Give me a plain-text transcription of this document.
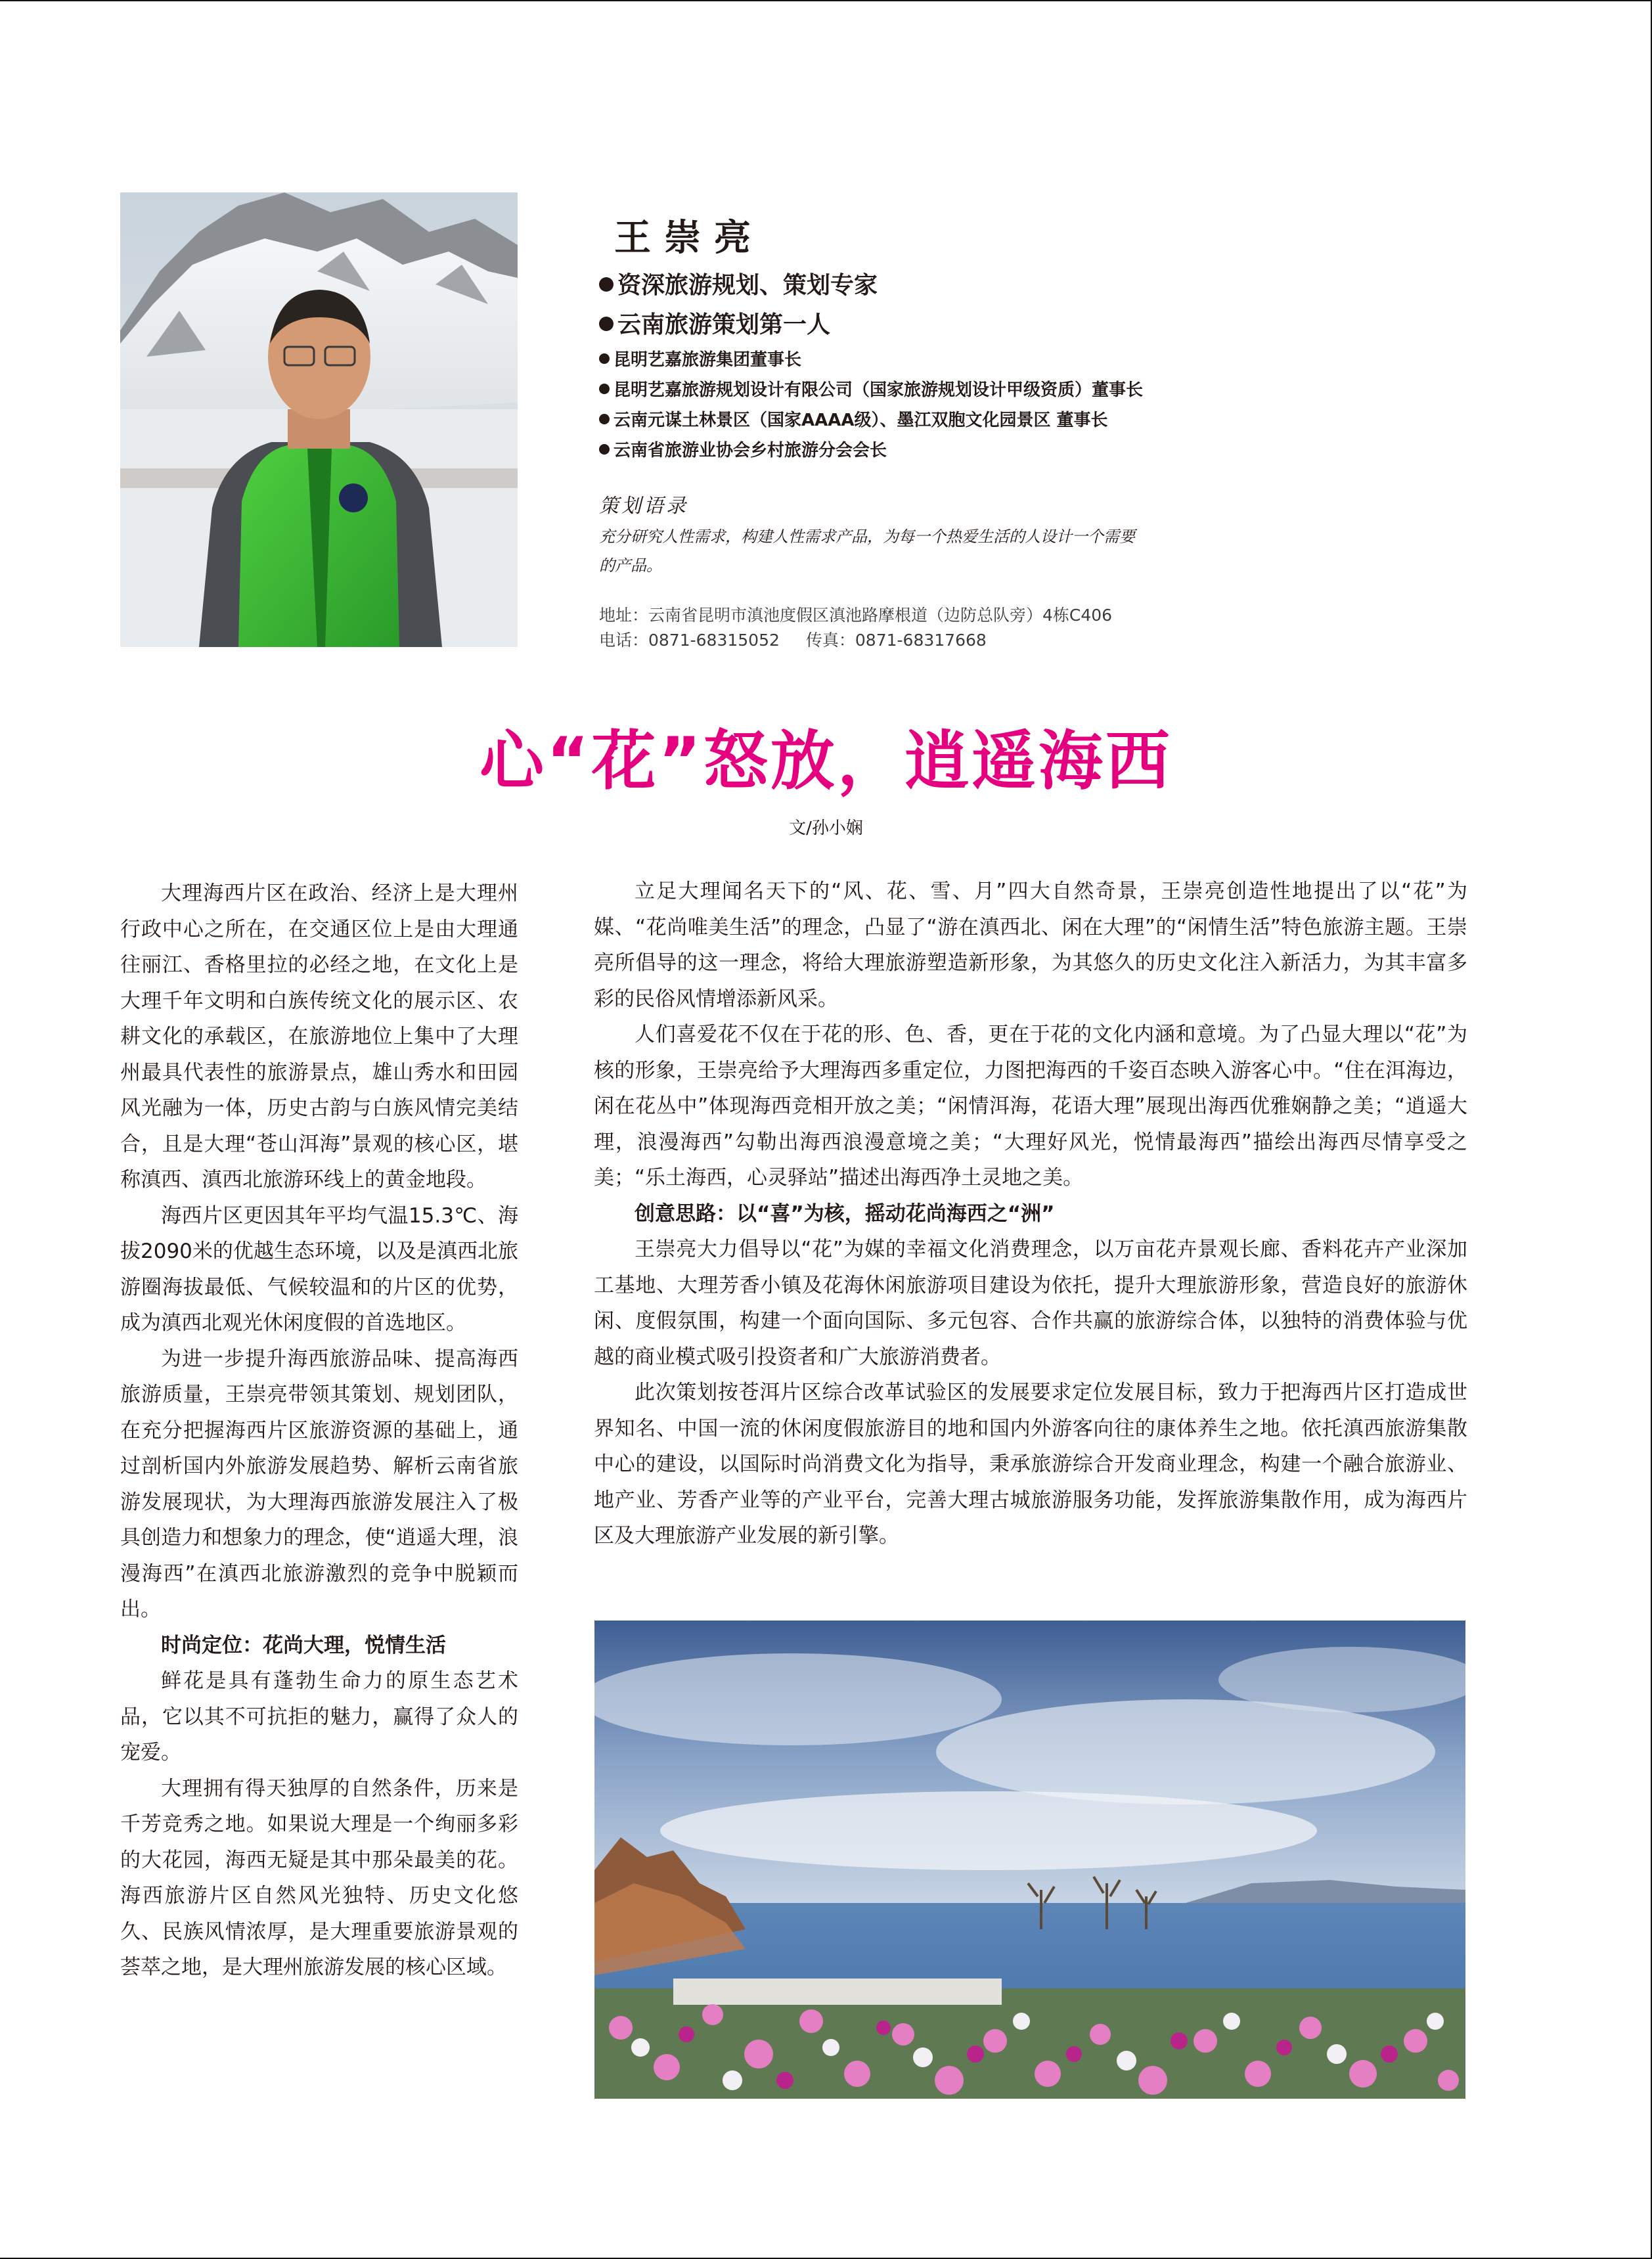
王崇亮
资深旅游规划、策划专家
云南旅游策划第一人
昆明艺嘉旅游集团董事长
昆明艺嘉旅游规划设计有限公司（国家旅游规划设计甲级资质）董事长
云南元谋土林景区（国家AAAA级）、墨江双胞文化园景区 董事长
云南省旅游业协会乡村旅游分会会长
策划语录
充分研究人性需求，构建人性需求产品，为每一个热爱生活的人设计一个需要的产品。
地址：云南省昆明市滇池度假区滇池路摩根道（边防总队旁）4栋C406
电话：0871-68315052 传真：0871-68317668
心“花”怒放，逍遥海西
文/孙小娴

大理海西片区在政治、经济上是大理州行政中心之所在，在交通区位上是由大理通往丽江、香格里拉的必经之地，在文化上是大理千年文明和白族传统文化的展示区、农耕文化的承载区，在旅游地位上集中了大理州最具代表性的旅游景点，雄山秀水和田园风光融为一体，历史古韵与白族风情完美结合，且是大理“苍山洱海”景观的核心区，堪称滇西、滇西北旅游环线上的黄金地段。

海西片区更因其年平均气温15.3℃、海拔2090米的优越生态环境，以及是滇西北旅游圈海拔最低、气候较温和的片区的优势，成为滇西北观光休闲度假的首选地区。

为进一步提升海西旅游品味、提高海西旅游质量，王崇亮带领其策划、规划团队，在充分把握海西片区旅游资源的基础上，通过剖析国内外旅游发展趋势、解析云南省旅游发展现状，为大理海西旅游发展注入了极具创造力和想象力的理念，使“逍遥大理，浪漫海西”在滇西北旅游激烈的竞争中脱颖而出。

时尚定位：花尚大理，悦情生活

鲜花是具有蓬勃生命力的原生态艺术品，它以其不可抗拒的魅力，赢得了众人的宠爱。

大理拥有得天独厚的自然条件，历来是千芳竞秀之地。如果说大理是一个绚丽多彩的大花园，海西无疑是其中那朵最美的花。海西旅游片区自然风光独特、历史文化悠久、民族风情浓厚，是大理重要旅游景观的荟萃之地，是大理州旅游发展的核心区域。

立足大理闻名天下的“风、花、雪、月”四大自然奇景，王崇亮创造性地提出了以“花”为媒、“花尚唯美生活”的理念，凸显了“游在滇西北、闲在大理”的“闲情生活”特色旅游主题。王崇亮所倡导的这一理念，将给大理旅游塑造新形象，为其悠久的历史文化注入新活力，为其丰富多彩的民俗风情增添新风采。

人们喜爱花不仅在于花的形、色、香，更在于花的文化内涵和意境。为了凸显大理以“花”为核的形象，王崇亮给予大理海西多重定位，力图把海西的千姿百态映入游客心中。“住在洱海边，闲在花丛中”体现海西竞相开放之美；“闲情洱海，花语大理”展现出海西优雅娴静之美；“逍遥大理，浪漫海西”勾勒出海西浪漫意境之美；“大理好风光，悦情最海西”描绘出海西尽情享受之美；“乐土海西，心灵驿站”描述出海西净土灵地之美。

创意思路：以“喜”为核，摇动花尚海西之“洲”

王崇亮大力倡导以“花”为媒的幸福文化消费理念，以万亩花卉景观长廊、香料花卉产业深加工基地、大理芳香小镇及花海休闲旅游项目建设为依托，提升大理旅游形象，营造良好的旅游休闲、度假氛围，构建一个面向国际、多元包容、合作共赢的旅游综合体，以独特的消费体验与优越的商业模式吸引投资者和广大旅游消费者。

此次策划按苍洱片区综合改革试验区的发展要求定位发展目标，致力于把海西片区打造成世界知名、中国一流的休闲度假旅游目的地和国内外游客向往的康体养生之地。依托滇西旅游集散中心的建设，以国际时尚消费文化为指导，秉承旅游综合开发商业理念，构建一个融合旅游业、地产业、芳香产业等的产业平台，完善大理古城旅游服务功能，发挥旅游集散作用，成为海西片区及大理旅游产业发展的新引擎。
